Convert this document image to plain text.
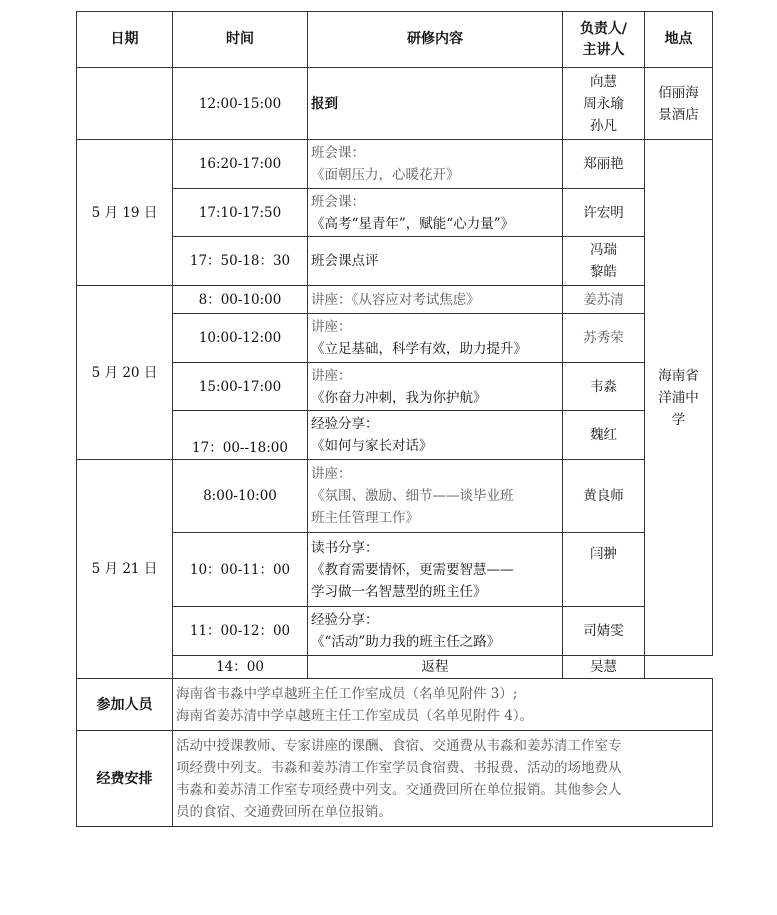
日期	时间	研修内容	负责人/
主讲人	地点
	12:00-15:00	报到	向慧
周永瑜
孙凡	佰丽海
景酒店

5 月 19 日	16:20-17:00	班会课：
《面朝压力，心暖花开》	郑丽艳	海南省
洋浦中
学

	17:10-17:50	班会课：
《高考“星青年”，赋能“心力量”》	许宏明	
	17：50-18：30	班会课点评	冯瑞
黎皓	

5 月 20 日	8：00-10:00	讲座：《从容应对考试焦虑》	姜苏清	
	10:00-12:00	讲座：
《立足基础，科学有效，助力提升》	苏秀荣	
	15:00-17:00	讲座：
《你奋力冲刺，我为你护航》	韦淼	
	17：00--18:00	经验分享：
《如何与家长对话》	魏红	
5 月 21 日	8:00-10:00	讲座：
《氛围、激励、细节——谈毕业班
班主任管理工作》	黄良师	
	10：00-11：00	读书分享：
《教育需要情怀，更需要智慧——
学习做一名智慧型的班主任》	闫翀	
	11：00-12：00	经验分享：
《“活动”助力我的班主任之路》	司婧雯	
	14：00	返程	吴慧	
参加人员	海南省韦淼中学卓越班主任工作室成员（名单见附件 3）;
海南省姜苏清中学卓越班主任工作室成员（名单见附件 4）。			

经费安排	活动中授课教师、专家讲座的课酬、食宿、交通费从韦淼和姜苏清工作室专
项经费中列支。韦淼和姜苏清工作室学员食宿费、书报费、活动的场地费从
韦淼和姜苏清工作室专项经费中列支。交通费回所在单位报销。其他参会人
员的食宿、交通费回所在单位报销。			
